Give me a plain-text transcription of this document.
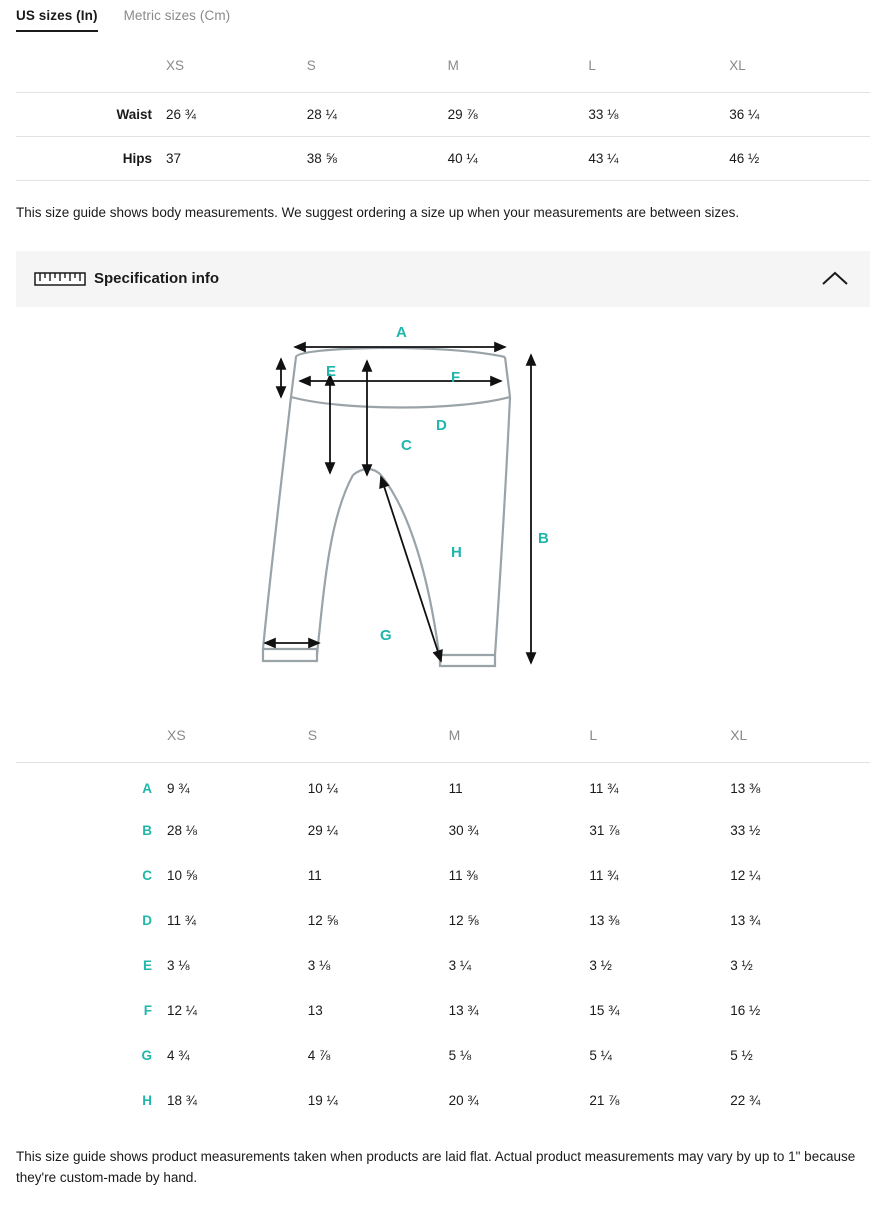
US sizes (In) Metric sizes (Cm)
	XS	S	M	L	XL
Waist	26 ¾	28 ¼	29 ⅞	33 ⅛	36 ¼
Hips	37	38 ⅝	40 ¼	43 ¼	46 ½
This size guide shows body measurements. We suggest ordering a size up when your measurements are between sizes.
Specification info
A
B
C
D
E	F
G
H
	XS	S	M	L	XL
A	9 ¾	10 ¼	11	11 ¾	13 ⅜
B	28 ⅛	29 ¼	30 ¾	31 ⅞	33 ½
C	10 ⅝	11	11 ⅜	11 ¾	12 ¼
D	11 ¾	12 ⅝	12 ⅝	13 ⅜	13 ¾
E	3 ⅛	3 ⅛	3 ¼	3 ½	3 ½
F	12 ¼	13	13 ¾	15 ¾	16 ½
G	4 ¾	4 ⅞	5 ⅛	5 ¼	5 ½
H	18 ¾	19 ¼	20 ¾	21 ⅞	22 ¾
This size guide shows product measurements taken when products are laid flat. Actual product measurements may vary by up to 1" because they're custom-made by hand.
